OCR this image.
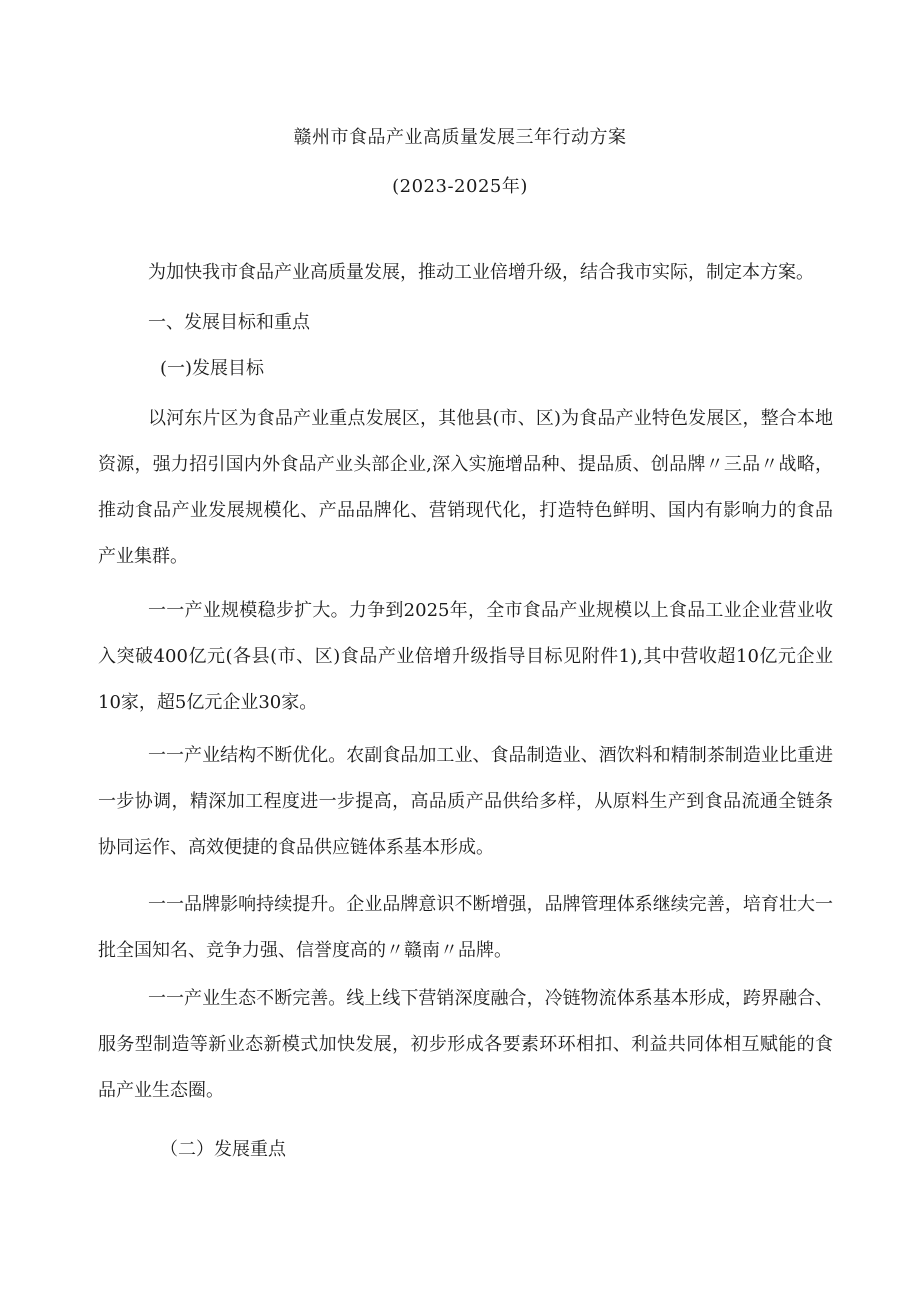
赣州市食品产业高质量发展三年行动方案
(2023-2025年)

为加快我市食品产业高质量发展，推动工业倍增升级，结合我市实际，制定本方案。

一、发展目标和重点

(一)发展目标

以河东片区为食品产业重点发展区，其他县(市、区)为食品产业特色发展区，整合本地资源，强力招引国内外食品产业头部企业,深入实施增品种、提品质、创品牌〃三品〃战略，推动食品产业发展规模化、产品品牌化、营销现代化，打造特色鲜明、国内有影响力的食品产业集群。

一一产业规模稳步扩大。力争到2025年，全市食品产业规模以上食品工业企业营业收入突破400亿元(各县(市、区)食品产业倍增升级指导目标见附件1),其中营收超10亿元企业10家，超5亿元企业30家。

一一产业结构不断优化。农副食品加工业、食品制造业、酒饮料和精制茶制造业比重进一步协调，精深加工程度进一步提高，高品质产品供给多样，从原料生产到食品流通全链条协同运作、高效便捷的食品供应链体系基本形成。

一一品牌影响持续提升。企业品牌意识不断增强，品牌管理体系继续完善，培育壮大一批全国知名、竞争力强、信誉度高的〃赣南〃品牌。

一一产业生态不断完善。线上线下营销深度融合，冷链物流体系基本形成，跨界融合、服务型制造等新业态新模式加快发展，初步形成各要素环环相扣、利益共同体相互赋能的食品产业生态圈。

（二）发展重点
